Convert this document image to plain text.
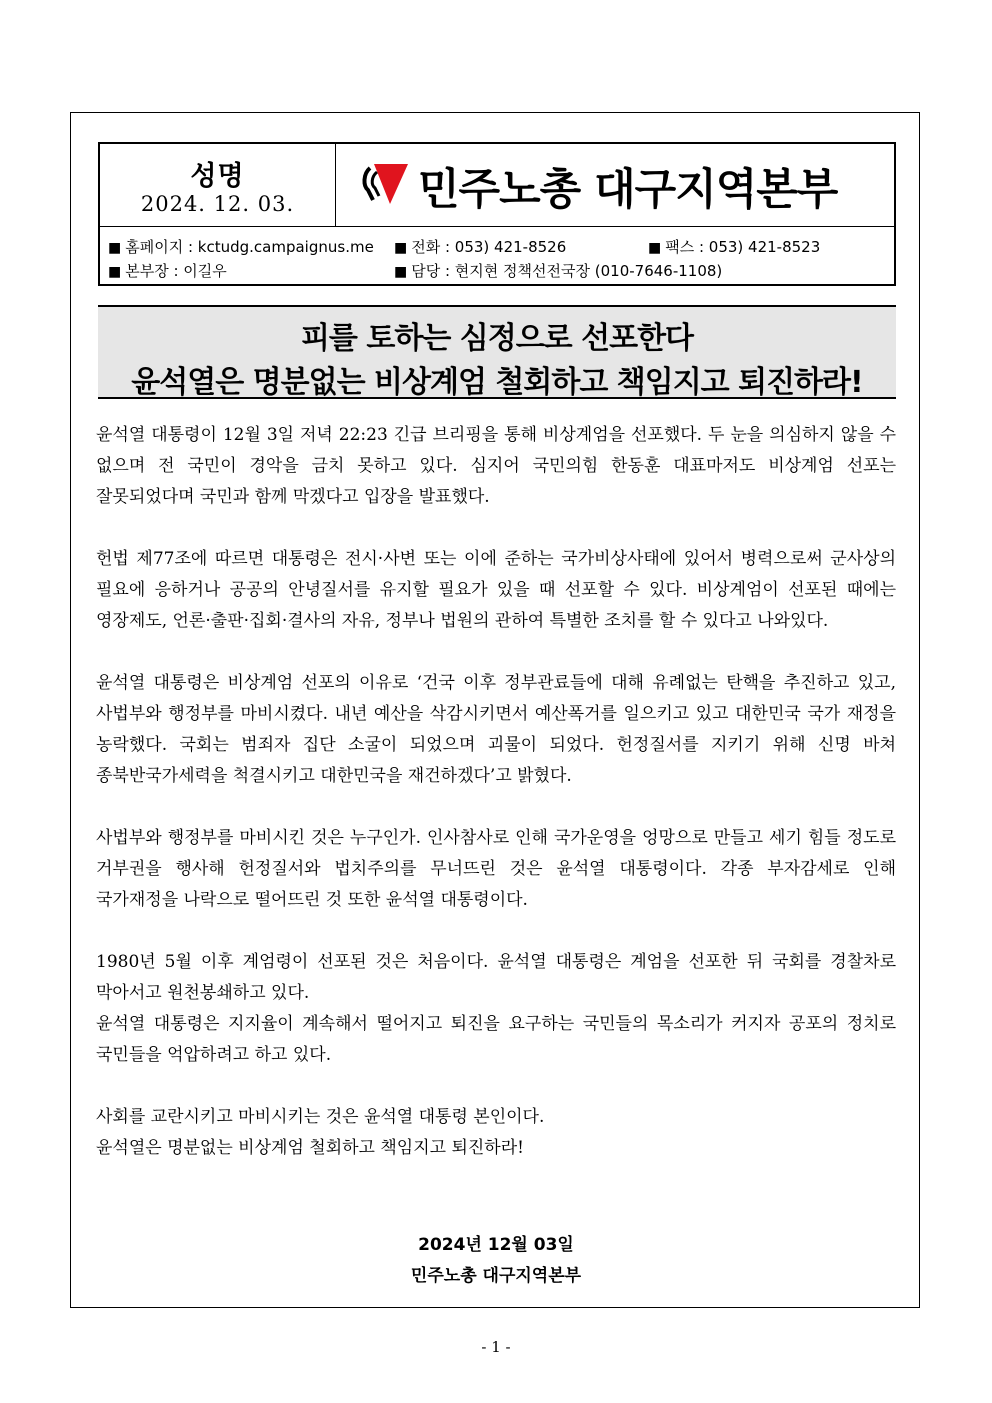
성명
2024. 12. 03.	민주노총 대구지역본부
■ 홈페이지 : kctudg.campaignus.me ■ 전화 : 053) 421-8526	■ 팩스 : 053) 421-8523
■ 본부장 : 이길우	■ 담당 : 현지현 정책선전국장 (010-7646-1108)
피를 토하는 심정으로 선포한다
윤석열은 명분없는 비상계엄 철회하고 책임지고 퇴진하라!

윤석열 대통령이 12월 3일 저녁 22:23 긴급 브리핑을 통해 비상계엄을 선포했다. 두 눈을 의심하지 않을 수 없으며 전 국민이 경악을 금치 못하고 있다. 심지어 국민의힘 한동훈 대표마저도 비상계엄 선포는 잘못되었다며 국민과 함께 막겠다고 입장을 발표했다.

헌법 제77조에 따르면 대통령은 전시·사변 또는 이에 준하는 국가비상사태에 있어서 병력으로써 군사상의 필요에 응하거나 공공의 안녕질서를 유지할 필요가 있을 때 선포할 수 있다. 비상계엄이 선포된 때에는 영장제도, 언론·출판·집회·결사의 자유, 정부나 법원의 관하여 특별한 조치를 할 수 있다고 나와있다.

윤석열 대통령은 비상계엄 선포의 이유로 ‘건국 이후 정부관료들에 대해 유례없는 탄핵을 추진하고 있고, 사법부와 행정부를 마비시켰다. 내년 예산을 삭감시키면서 예산폭거를 일으키고 있고 대한민국 국가 재정을 농락했다. 국회는 범죄자 집단 소굴이 되었으며 괴물이 되었다. 헌정질서를 지키기 위해 신명 바쳐 종북반국가세력을 척결시키고 대한민국을 재건하겠다’고 밝혔다.

사법부와 행정부를 마비시킨 것은 누구인가. 인사참사로 인해 국가운영을 엉망으로 만들고 세기 힘들 정도로 거부권을 행사해 헌정질서와 법치주의를 무너뜨린 것은 윤석열 대통령이다. 각종 부자감세로 인해 국가재정을 나락으로 떨어뜨린 것 또한 윤석열 대통령이다.

1980년 5월 이후 계엄령이 선포된 것은 처음이다. 윤석열 대통령은 계엄을 선포한 뒤 국회를 경찰차로 막아서고 원천봉쇄하고 있다.

윤석열 대통령은 지지율이 계속해서 떨어지고 퇴진을 요구하는 국민들의 목소리가 커지자 공포의 정치로 국민들을 억압하려고 하고 있다.

사회를 교란시키고 마비시키는 것은 윤석열 대통령 본인이다.

윤석열은 명분없는 비상계엄 철회하고 책임지고 퇴진하라!

2024년 12월 03일
민주노총 대구지역본부
- 1 -
